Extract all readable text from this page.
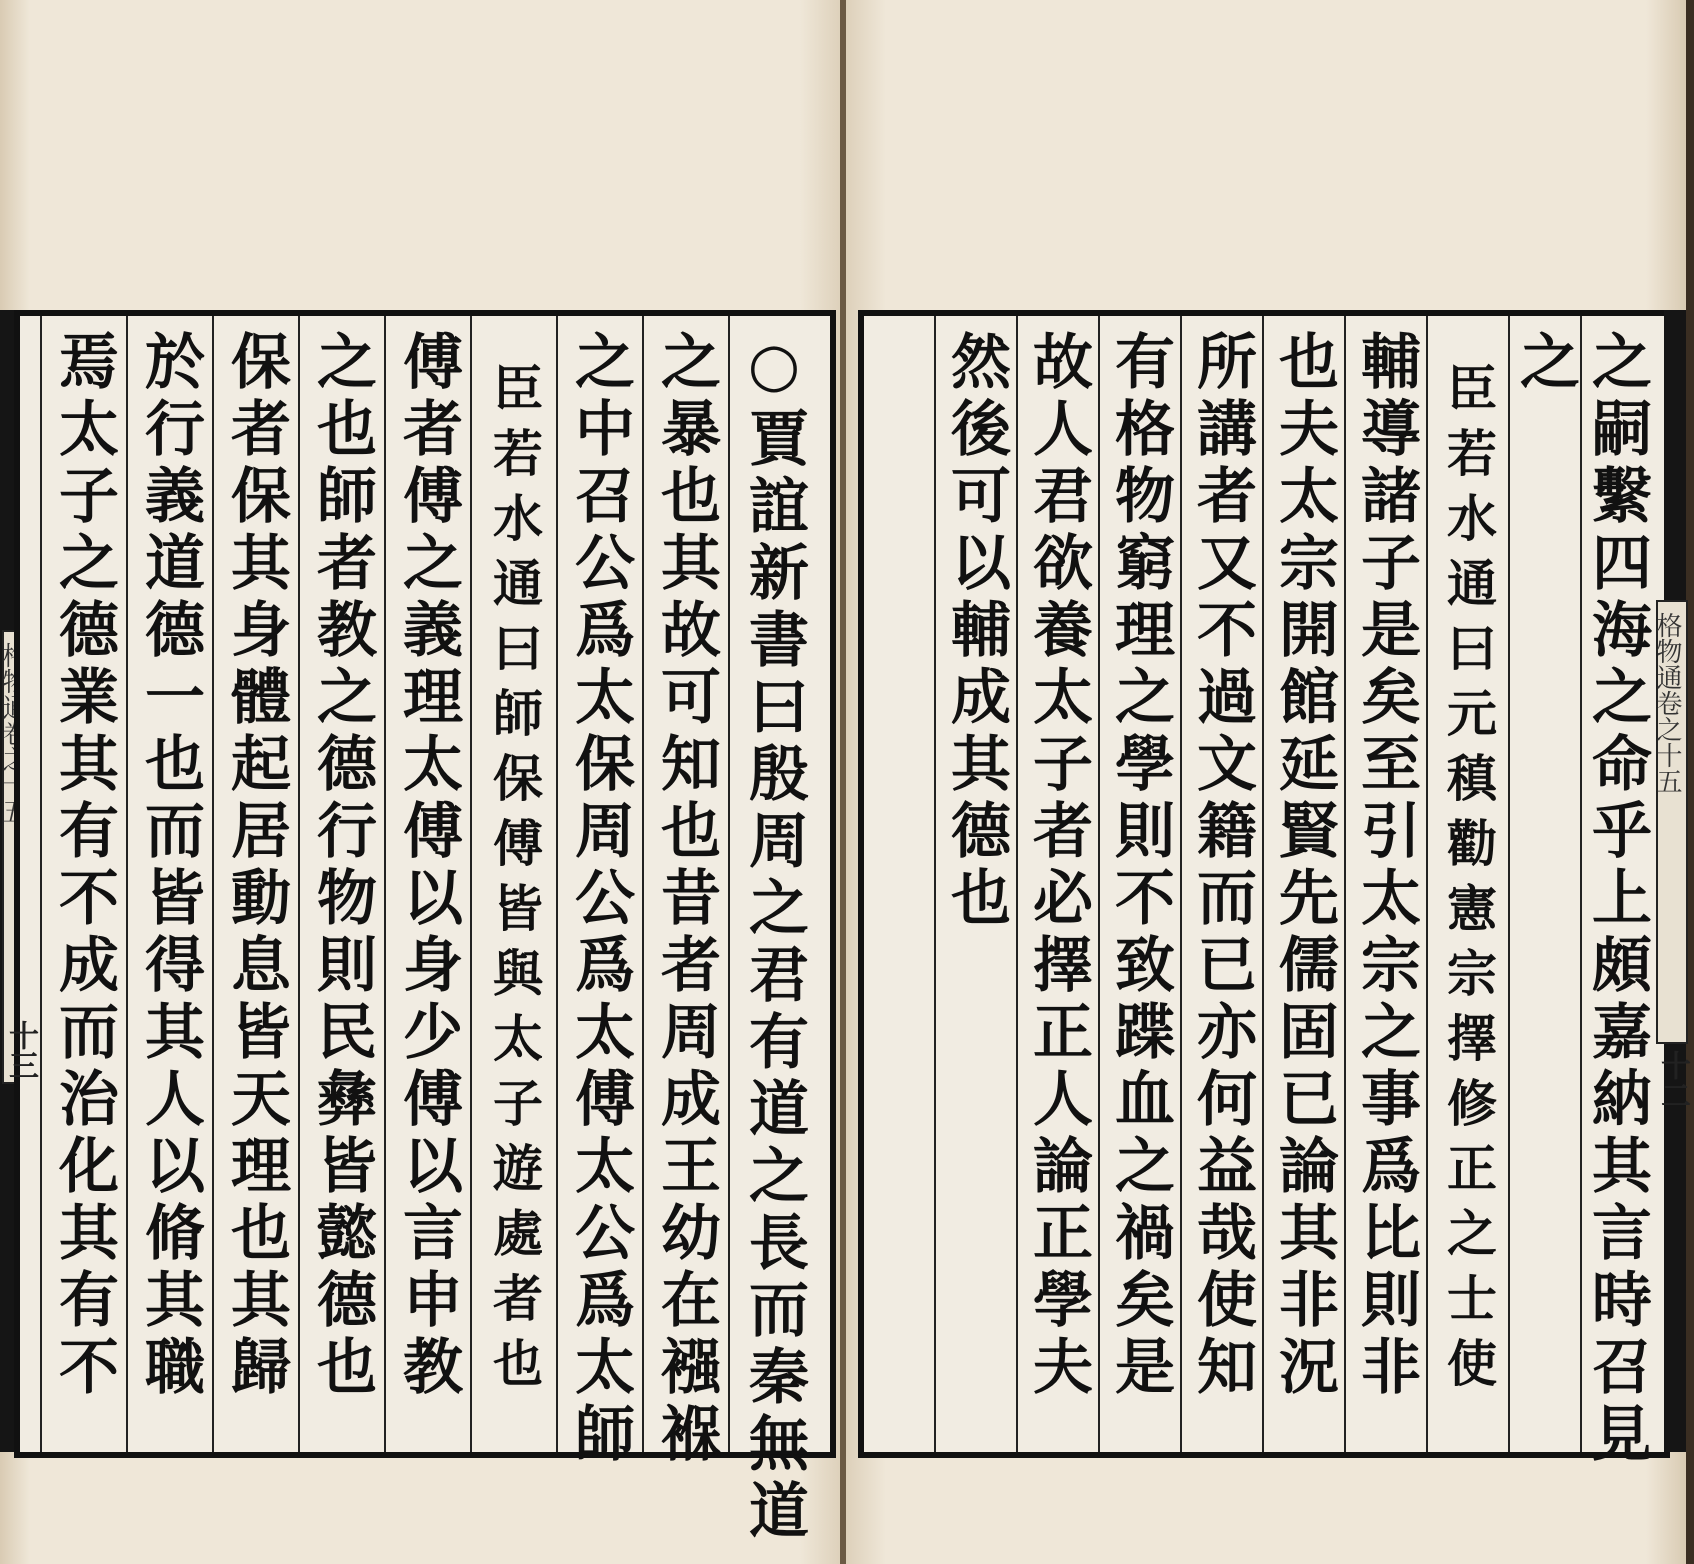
焉太子之德業其有不成而治化其有不 於行義道德一也而皆得其人以脩其職 保者保其身體起居動息皆天理也其歸 之也師者教之德行物則民彝皆懿德也 傅者傅之義理太傅以身少傅以言申教 臣若水通曰師保傅皆與太子遊處者也 之中召公爲太保周公爲太傅太公爲太師 之暴也其故可知也昔者周成王幼在襁褓 ○賈誼新書曰殷周之君有道之長而秦無道
十三
然後可以輔成其德也 故人君欲養太子者必擇正人論正學夫 有格物窮理之學則不致蹀血之禍矣是 所講者又不過文籍而已亦何益哉使知 也夫太宗開館延賢先儒固已論其非況 輔導諸子是矣至引太宗之事爲比則非 臣若水通曰元稹勸憲宗擇修正之士使 之 之嗣繫四海之命乎上頗嘉納其言時召見 格物通卷之十五
十二
